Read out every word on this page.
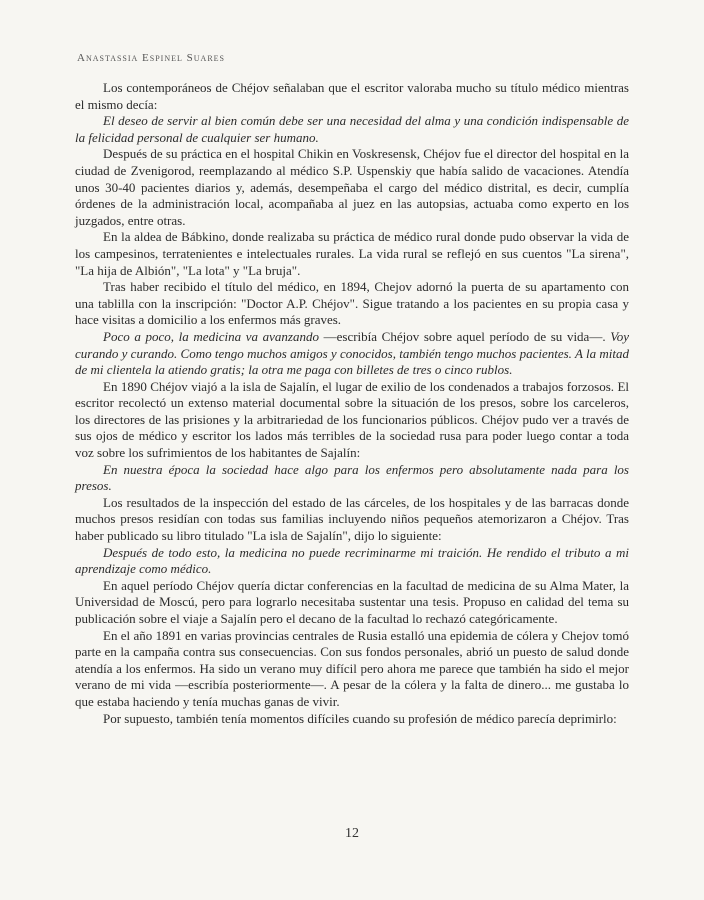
Anastassia Espinel Suares

Los contemporáneos de Chéjov señalaban que el escritor valoraba mucho su título médico mientras el mismo decía:

El deseo de servir al bien común debe ser una necesidad del alma y una condición indispensable de la felicidad personal de cualquier ser humano.

Después de su práctica en el hospital Chikin en Voskresensk, Chéjov fue el director del hospital en la ciudad de Zvenigorod, reemplazando al médico S.P. Uspenskiy que había salido de vacaciones. Atendía unos 30-40 pacientes diarios y, además, desempeñaba el cargo del médico distrital, es decir, cumplía órdenes de la administración local, acompañaba al juez en las autopsias, actuaba como experto en los juzgados, entre otras.

En la aldea de Bábkino, donde realizaba su práctica de médico rural donde pudo observar la vida de los campesinos, terratenientes e intelectuales rurales. La vida rural se reflejó en sus cuentos "La sirena", "La hija de Albión", "La lota" y "La bruja".

Tras haber recibido el título del médico, en 1894, Chejov adornó la puerta de su apartamento con una tablilla con la inscripción: "Doctor A.P. Chéjov". Sigue tratando a los pacientes en su propia casa y hace visitas a domicilio a los enfermos más graves.

Poco a poco, la medicina va avanzando —escribía Chéjov sobre aquel período de su vida—. Voy curando y curando. Como tengo muchos amigos y conocidos, también tengo muchos pacientes. A la mitad de mi clientela la atiendo gratis; la otra me paga con billetes de tres o cinco rublos.

En 1890 Chéjov viajó a la isla de Sajalín, el lugar de exilio de los condenados a trabajos forzosos. El escritor recolectó un extenso material documental sobre la situación de los presos, sobre los carceleros, los directores de las prisiones y la arbitrariedad de los funcionarios públicos. Chéjov pudo ver a través de sus ojos de médico y escritor los lados más terribles de la sociedad rusa para poder luego contar a toda voz sobre los sufrimientos de los habitantes de Sajalín:

En nuestra época la sociedad hace algo para los enfermos pero absolutamente nada para los presos.

Los resultados de la inspección del estado de las cárceles, de los hospitales y de las barracas donde muchos presos residían con todas sus familias incluyendo niños pequeños atemorizaron a Chéjov. Tras haber publicado su libro titulado "La isla de Sajalín", dijo lo siguiente:

Después de todo esto, la medicina no puede recriminarme mi traición. He rendido el tributo a mi aprendizaje como médico.

En aquel período Chéjov quería dictar conferencias en la facultad de medicina de su Alma Mater, la Universidad de Moscú, pero para lograrlo necesitaba sustentar una tesis. Propuso en calidad del tema su publicación sobre el viaje a Sajalín pero el decano de la facultad lo rechazó categóricamente.

En el año 1891 en varias provincias centrales de Rusia estalló una epidemia de cólera y Chejov tomó parte en la campaña contra sus consecuencias. Con sus fondos personales, abrió un puesto de salud donde atendía a los enfermos. Ha sido un verano muy difícil pero ahora me parece que también ha sido el mejor verano de mi vida —escribía posteriormente—. A pesar de la cólera y la falta de dinero... me gustaba lo que estaba haciendo y tenía muchas ganas de vivir.

Por supuesto, también tenía momentos difíciles cuando su profesión de médico parecía deprimirlo:

12
